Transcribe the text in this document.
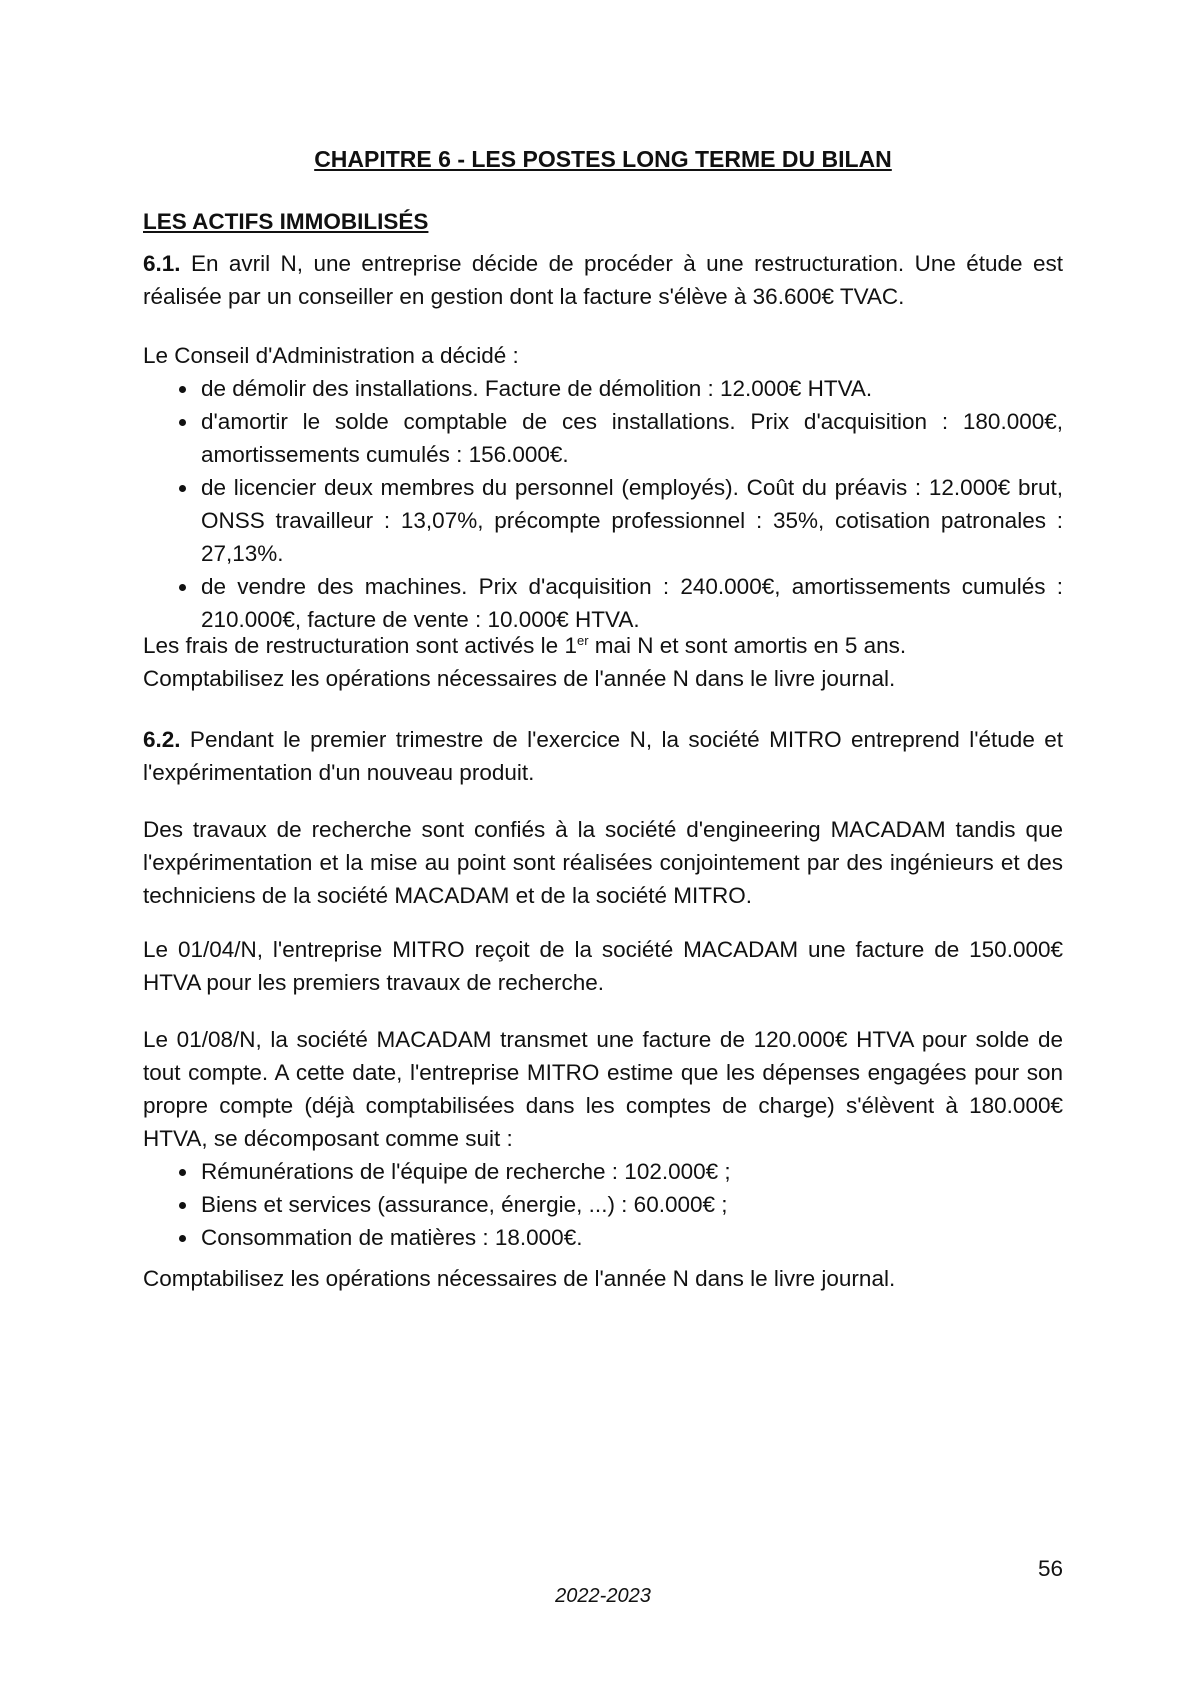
CHAPITRE 6 - LES POSTES LONG TERME DU BILAN
LES ACTIFS IMMOBILISÉS

6.1. En avril N, une entreprise décide de procéder à une restructuration. Une étude est réalisée par un conseiller en gestion dont la facture s'élève à 36.600€ TVAC.

Le Conseil d'Administration a décidé :

de démolir des installations. Facture de démolition : 12.000€ HTVA.
d'amortir le solde comptable de ces installations. Prix d'acquisition : 180.000€, amortissements cumulés : 156.000€.
de licencier deux membres du personnel (employés). Coût du préavis : 12.000€ brut, ONSS travailleur : 13,07%, précompte professionnel : 35%, cotisation patronales : 27,13%.
de vendre des machines. Prix d'acquisition : 240.000€, amortissements cumulés : 210.000€, facture de vente : 10.000€ HTVA.

Les frais de restructuration sont activés le 1er mai N et sont amortis en 5 ans.

Comptabilisez les opérations nécessaires de l'année N dans le livre journal.

6.2. Pendant le premier trimestre de l'exercice N, la société MITRO entreprend l'étude et l'expérimentation d'un nouveau produit.

Des travaux de recherche sont confiés à la société d'engineering MACADAM tandis que l'expérimentation et la mise au point sont réalisées conjointement par des ingénieurs et des techniciens de la société MACADAM et de la société MITRO.

Le 01/04/N, l'entreprise MITRO reçoit de la société MACADAM une facture de 150.000€ HTVA pour les premiers travaux de recherche.

Le 01/08/N, la société MACADAM transmet une facture de 120.000€ HTVA pour solde de tout compte. A cette date, l'entreprise MITRO estime que les dépenses engagées pour son propre compte (déjà comptabilisées dans les comptes de charge) s'élèvent à 180.000€ HTVA, se décomposant comme suit :

Rémunérations de l'équipe de recherche : 102.000€ ;
Biens et services (assurance, énergie, ...) : 60.000€ ;
Consommation de matières : 18.000€.

Comptabilisez les opérations nécessaires de l'année N dans le livre journal.

56
2022-2023
